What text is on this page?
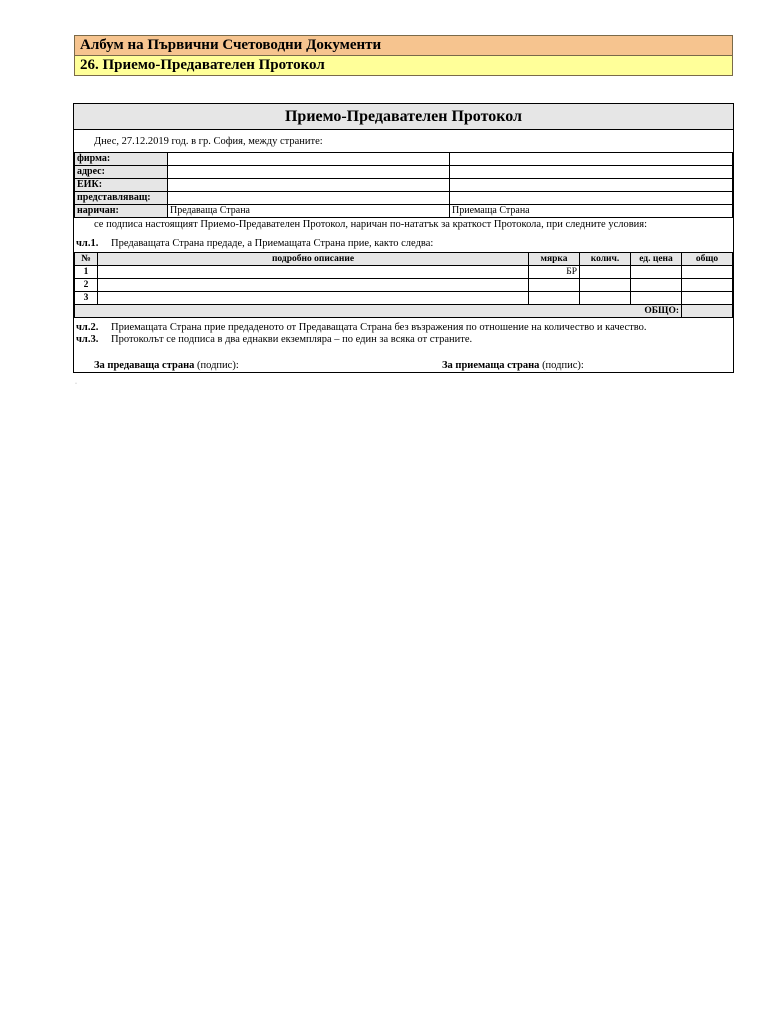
Албум на Първични Счетоводни Документи
26. Приемо-Предавателен Протокол
Приемо-Предавателен Протокол
Днес, 27.12.2019 год. в гр. София, между страните:
фирма:		
адрес:		
ЕИК:		
представляващ:		
наричан:	Предаваща Страна	Приемаща Страна
се подписа настоящият Приемо-Предавателен Протокол, наричан по-нататък за краткост Протокола, при следните условия:
чл.1. Предаващата Страна предаде, а Приемащата Страна прие, както следва:
№	подробно описание	мярка	колич.	ед. цена	общо
1		БР			
2					
3					
ОБЩО:					
чл.2. Приемащата Страна прие предаденото от Предаващата Страна без възражения по отношение на количество и качество.
чл.3. Протоколът се подписа в два еднакви екземпляра – по един за всяка от страните.
За предаваща страна (подпис):	За приемаща страна (подпис):
·
